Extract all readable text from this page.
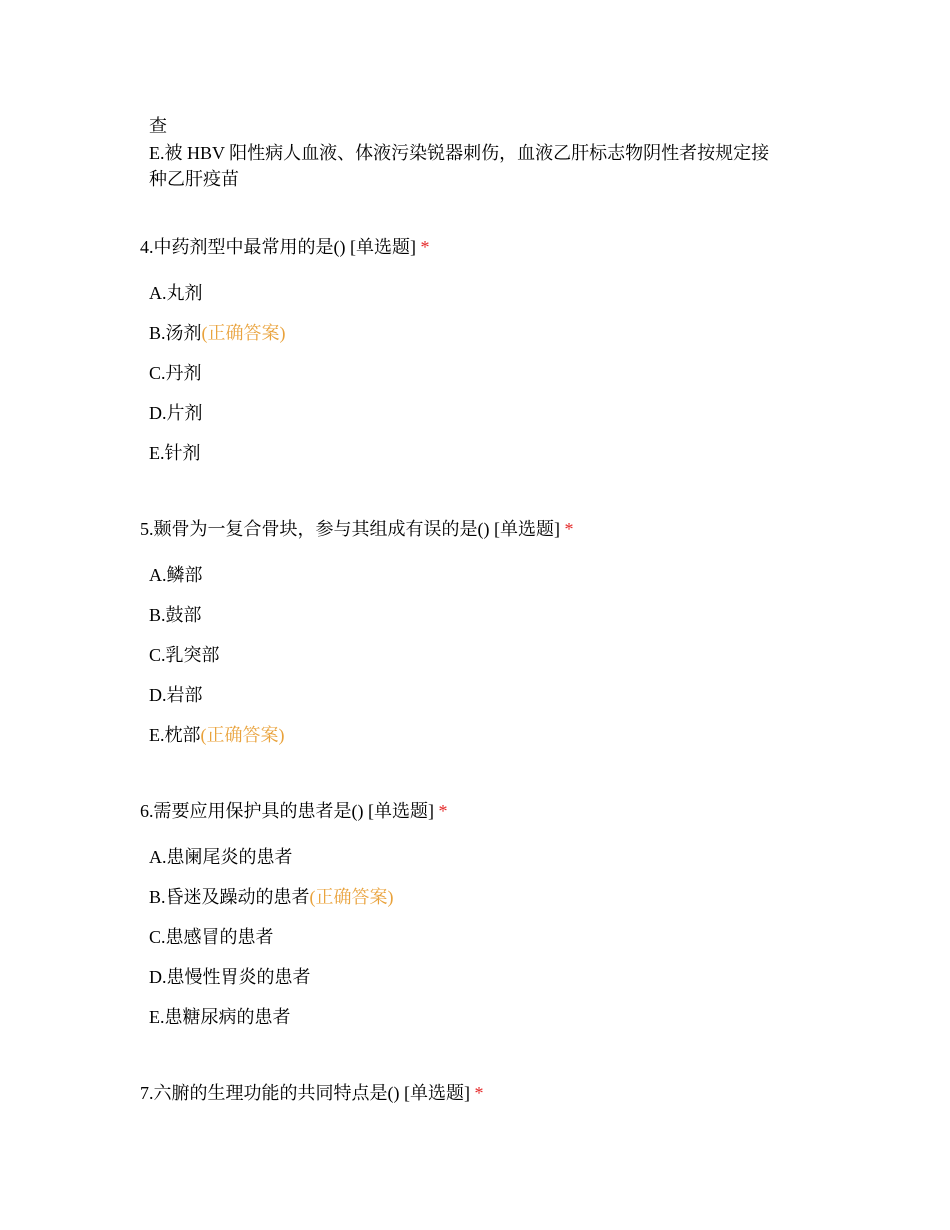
查
E.被 HBV 阳性病人血液、体液污染锐器刺伤，血液乙肝标志物阴性者按规定接
种乙肝疫苗
4.中药剂型中最常用的是() [单选题] *
A.丸剂
B.汤剂(正确答案)
C.丹剂
D.片剂
E.针剂
5.颞骨为一复合骨块，参与其组成有误的是() [单选题] *
A.鳞部
B.鼓部
C.乳突部
D.岩部
E.枕部(正确答案)
6.需要应用保护具的患者是() [单选题] *
A.患阑尾炎的患者
B.昏迷及躁动的患者(正确答案)
C.患感冒的患者
D.患慢性胃炎的患者
E.患糖尿病的患者
7.六腑的生理功能的共同特点是() [单选题] *
